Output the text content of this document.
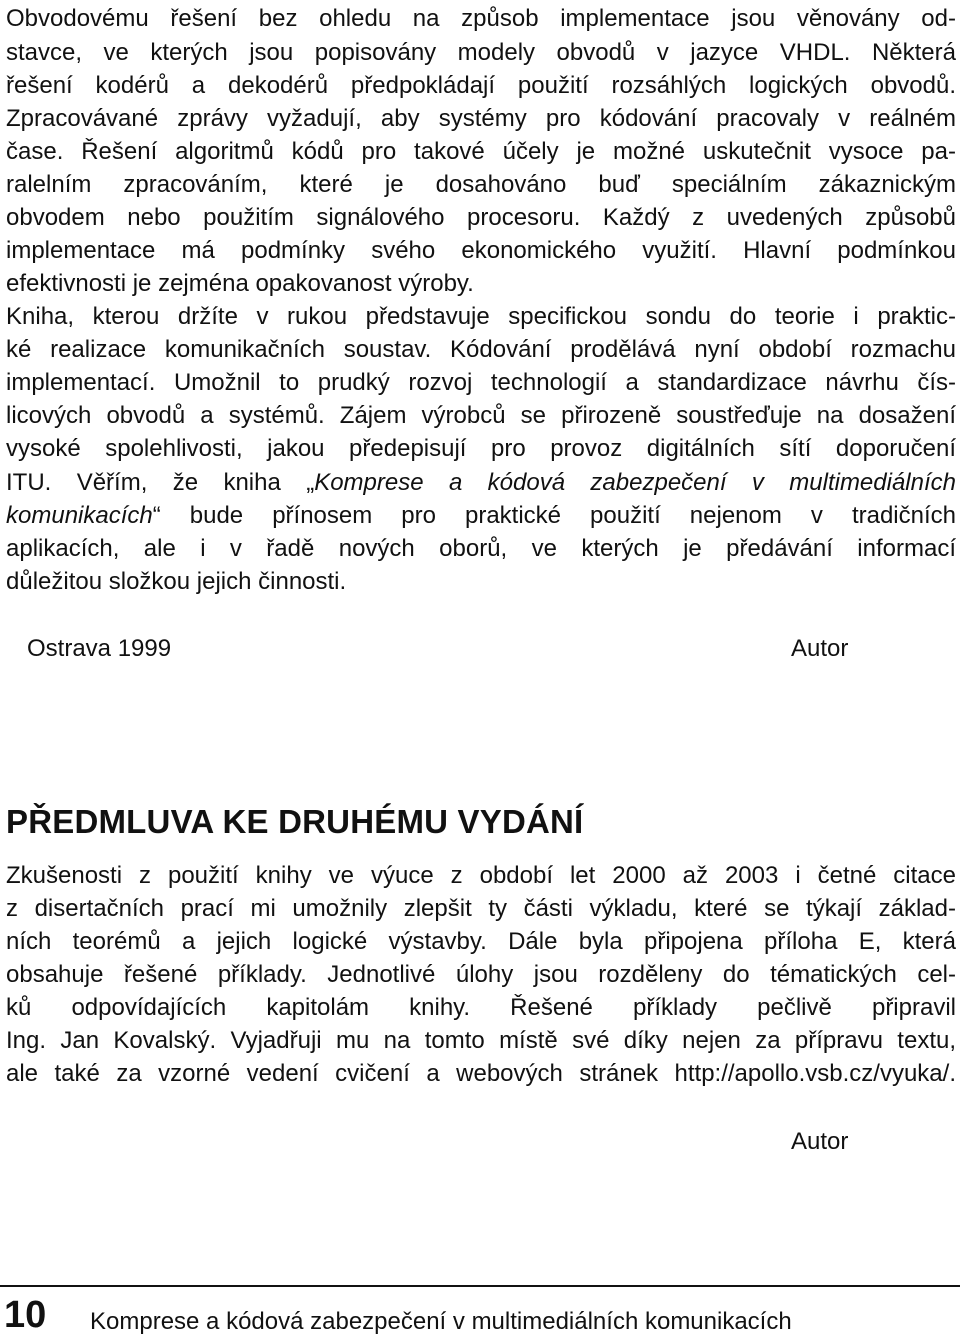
Obvodovému řešení bez ohledu na způsob implementace jsou věnovány od-
stavce, ve kterých jsou popisovány modely obvodů v jazyce VHDL. Některá
řešení kodérů a dekodérů předpokládají použití rozsáhlých logických obvodů.
Zpracovávané zprávy vyžadují, aby systémy pro kódování pracovaly v reálném
čase. Řešení algoritmů kódů pro takové účely je možné uskutečnit vysoce pa-
ralelním zpracováním, které je dosahováno buď speciálním zákaznickým
obvodem nebo použitím signálového procesoru. Každý z uvedených způsobů
implementace má podmínky svého ekonomického využití. Hlavní podmínkou
efektivnosti je zejména opakovanost výroby.
Kniha, kterou držíte v rukou představuje specifickou sondu do teorie i praktic-
ké realizace komunikačních soustav. Kódování prodělává nyní období rozmachu
implementací. Umožnil to prudký rozvoj technologií a standardizace návrhu čís-
licových obvodů a systémů. Zájem výrobců se přirozeně soustřeďuje na dosažení
vysoké spolehlivosti, jakou předepisují pro provoz digitálních sítí doporučení
ITU. Věřím, že kniha „Komprese a kódová zabezpečení v multimediálních
komunikacích“ bude přínosem pro praktické použití nejenom v tradičních
aplikacích, ale i v řadě nových oborů, ve kterých je předávání informací
důležitou složkou jejich činnosti.
Ostrava 1999	Autor
PŘEDMLUVA KE DRUHÉMU VYDÁNÍ
Zkušenosti z použití knihy ve výuce z období let 2000 až 2003 i četné citace
z disertačních prací mi umožnily zlepšit ty části výkladu, které se týkají základ-
ních teorémů a jejich logické výstavby. Dále byla připojena příloha E, která
obsahuje řešené příklady. Jednotlivé úlohy jsou rozděleny do tématických cel-
ků odpovídajících kapitolám knihy. Řešené příklady pečlivě připravil
Ing. Jan Kovalský. Vyjadřuji mu na tomto místě své díky nejen za přípravu textu,
ale také za vzorné vedení cvičení a webových stránek http://apollo.vsb.cz/vyuka/.
Autor
10 Komprese a kódová zabezpečení v multimediálních komunikacích
